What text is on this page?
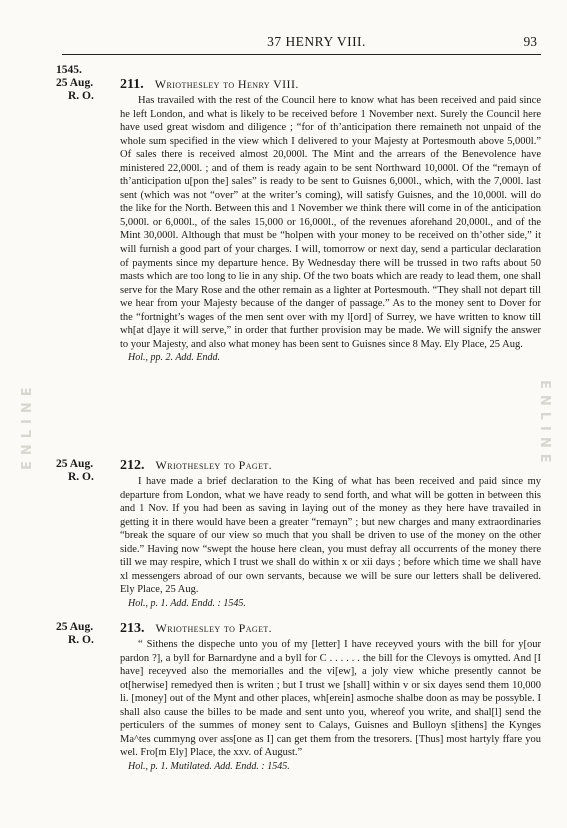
37 HENRY VIII.	93
ENLINE	ENLINE
1545.
25 Aug.
R. O.
211. Wriothesley to Henry VIII.
Has travailed with the rest of the Council here to know what has been received and paid since he left London, and what is likely to be received before 1 November next. Surely the Council here have used great wisdom and diligence ; “for of th’anticipation there remaineth not unpaid of the whole sum specified in the view which I delivered to your Majesty at Portesmouth above 5,000l.” Of sales there is received almost 20,000l. The Mint and the arrears of the Benevolence have ministered 22,000l. ; and of them is ready again to be sent Northward 10,000l. Of the “remayn of th’anticipation u[pon the] sales” is ready to be sent to Guisnes 6,000l., which, with the 7,000l. last sent (which was not “over” at the writer’s coming), will satisfy Guisnes, and the 10,000l. will do the like for the North. Between this and 1 November we think there will come in of the anticipation 5,000l. or 6,000l., of the sales 15,000 or 16,000l., of the revenues aforehand 20,000l., and of the Mint 30,000l. Although that must be “holpen with your money to be received on th’other side,” it will furnish a good part of your charges. I will, tomorrow or next day, send a particular declaration of payments since my departure hence. By Wednesday there will be trussed in two rafts about 50 masts which are too long to lie in any ship. Of the two boats which are ready to lead them, one shall serve for the Mary Rose and the other remain as a lighter at Portesmouth. “They shall not depart till we hear from your Majesty because of the danger of passage.” As to the money sent to Dover for the “fortnight’s wages of the men sent over with my l[ord] of Surrey, we have written to know till wh[at d]aye it will serve,” in order that further provision may be made. We will signify the answer to your Majesty, and also what money has been sent to Guisnes since 8 May. Ely Place, 25 Aug.
Hol., pp. 2. Add. Endd.
25 Aug.
R. O.
212. Wriothesley to Paget.
I have made a brief declaration to the King of what has been received and paid since my departure from London, what we have ready to send forth, and what will be gotten in between this and 1 Nov. If you had been as saving in laying out of the money as they here have travailed in getting it in there would have been a greater “remayn” ; but new charges and many extraordinaries “break the square of our view so much that you shall be driven to use of the money on the other side.” Having now “swept the house here clean, you must defray all occurrents of the money there till we may respire, which I trust we shall do within x or xii days ; before which time we shall have xl messengers abroad of our own servants, because we will be sure our letters shall be delivered. Ely Place, 25 Aug.
Hol., p. 1. Add. Endd. : 1545.
25 Aug.
R. O.
213. Wriothesley to Paget.
“ Sithens the dispeche unto you of my [letter] I have receyved yours with the bill for y[our pardon ?], a byll for Barnardyne and a byll for C . . . . . . the bill for the Clevoys is omytted. And [I have] receyved also the memorialles and the vi[ew], a joly view whiche presently cannot be ot[herwise] remedyed then is writen ; but I trust we [shall] within v or six dayes send them 10,000 li. [money] out of the Mynt and other places, wh[erein] asmoche shalbe doon as may be possyble. I shall also cause the billes to be made and sent unto you, whereof you write, and shal[l] send the perticulers of the summes of money sent to Calays, Guisnes and Bulloyn s[ithens] the Kynges Ma^tes cummyng over ass[one as I] can get them from the tresorers. [Thus] most hartyly ffare you wel. Fro[m Ely] Place, the xxv. of August.”
Hol., p. 1. Mutilated. Add. Endd. : 1545.
